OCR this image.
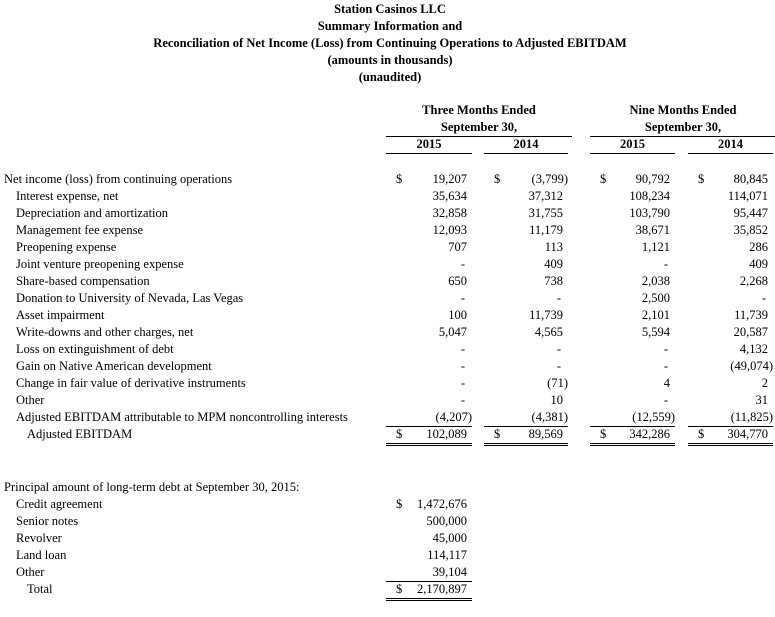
Station Casinos LLC
Summary Information and
Reconciliation of Net Income (Loss) from Continuing Operations to Adjusted EBITDAM
(amounts in thousands)
(unaudited)
Three Months Ended
September 30,
Nine Months Ended
September 30,
2015	2014	2015	2014
Net income (loss) from continuing operations	$ 19,207	$	(3,799)	$ 90,792	$ 80,845
Interest expense, net	35,634	37,312	108,234	114,071
Depreciation and amortization	32,858	31,755	103,790	95,447
Management fee expense	12,093	11,179	38,671	35,852
Preopening expense	707	113	1,121	286
Joint venture preopening expense	-	409	-	409
Share-based compensation	650	738	2,038	2,268
Donation to University of Nevada, Las Vegas	-	-	2,500	-
Asset impairment	100	11,739	2,101	11,739
Write-downs and other charges, net	5,047	4,565	5,594	20,587
Loss on extinguishment of debt	-	-	-	4,132
Gain on Native American development	-	-	-	(49,074)
Change in fair value of derivative instruments	-	(71)	4	2
Other	-	10	-	31
Adjusted EBITDAM attributable to MPM noncontrolling interests	(4,207)	(4,381)	(12,559)	(11,825)
Adjusted EBITDAM	$ 102,089	$ 89,569	$ 342,286	$ 304,770
Principal amount of long-term debt at September 30, 2015:
Credit agreement	$ 1,472,676
Senior notes	500,000
Revolver	45,000
Land loan	114,117
Other	39,104
Total	$ 2,170,897
